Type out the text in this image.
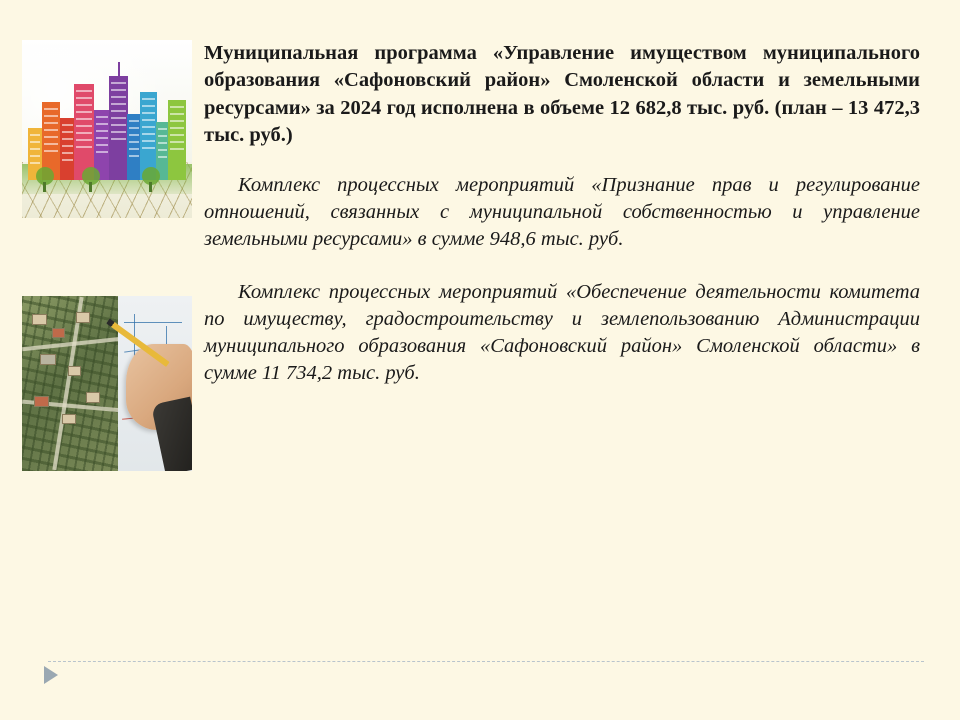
Муниципальная программа «Управление имуществом муниципального образования «Сафоновский район» Смоленской области и земельными ресурсами» за 2024 год исполнена в объеме 12 682,8 тыс. руб. (план – 13 472,3 тыс. руб.)

Комплекс процессных мероприятий «Признание прав и регулирование отношений, связанных с муниципальной собственностью и управление земельными ресурсами» в сумме 948,6 тыс. руб.

Комплекс процессных мероприятий «Обеспечение деятельности комитета по имуществу, градостроительству и землепользованию Администрации муниципального образования «Сафоновский район» Смоленской области» в сумме 11 734,2 тыс. руб.
